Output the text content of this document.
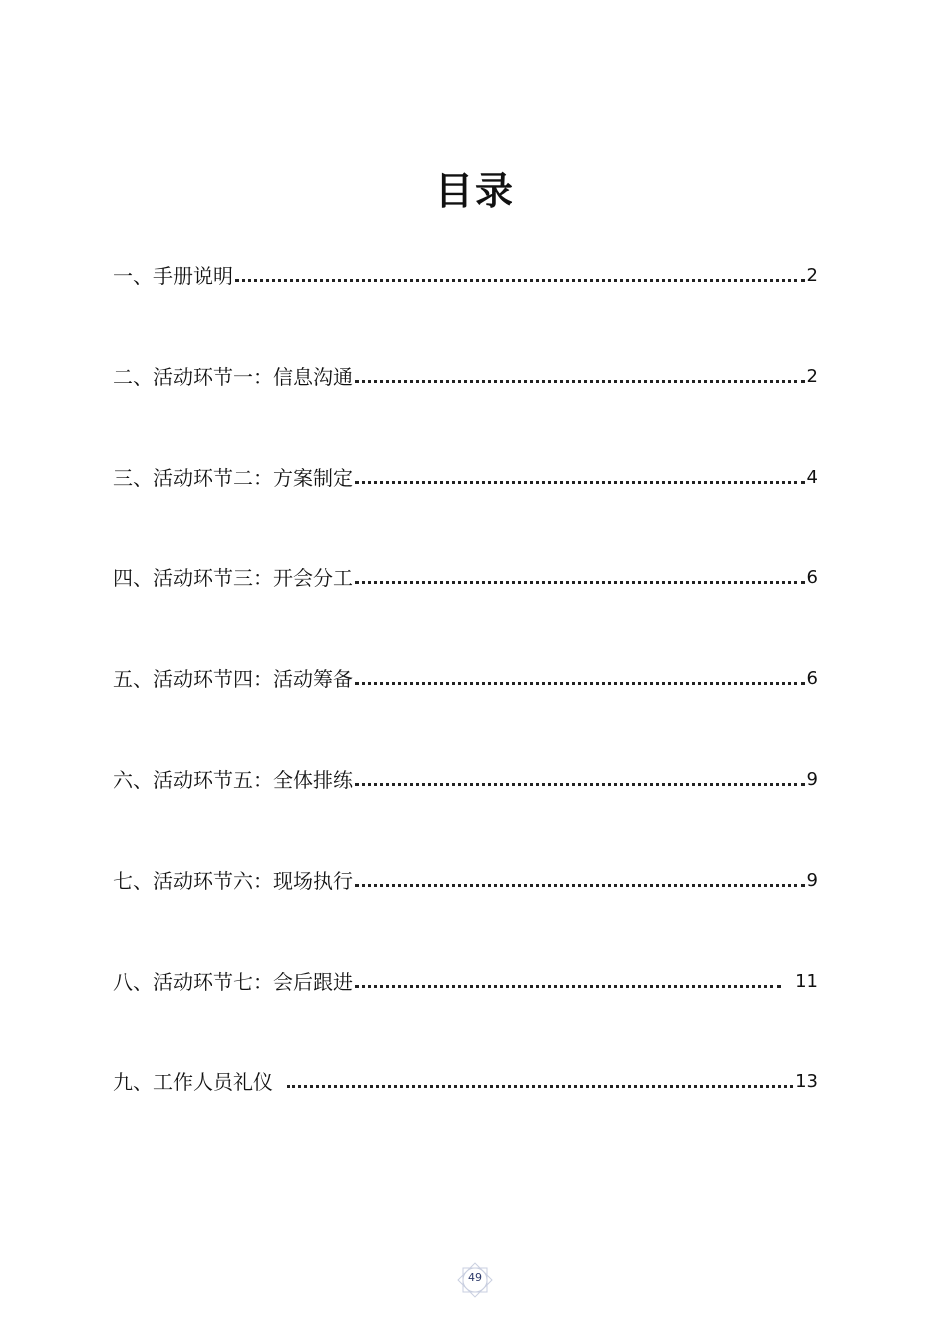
目录
一、手册说明	2
二、活动环节一：信息沟通	2
三、活动环节二：方案制定	4
四、活动环节三：开会分工	6
五、活动环节四：活动筹备	6
六、活动环节五：全体排练	9
七、活动环节六：现场执行	9
八、活动环节七：会后跟进	11
九、工作人员礼仪	13
49
